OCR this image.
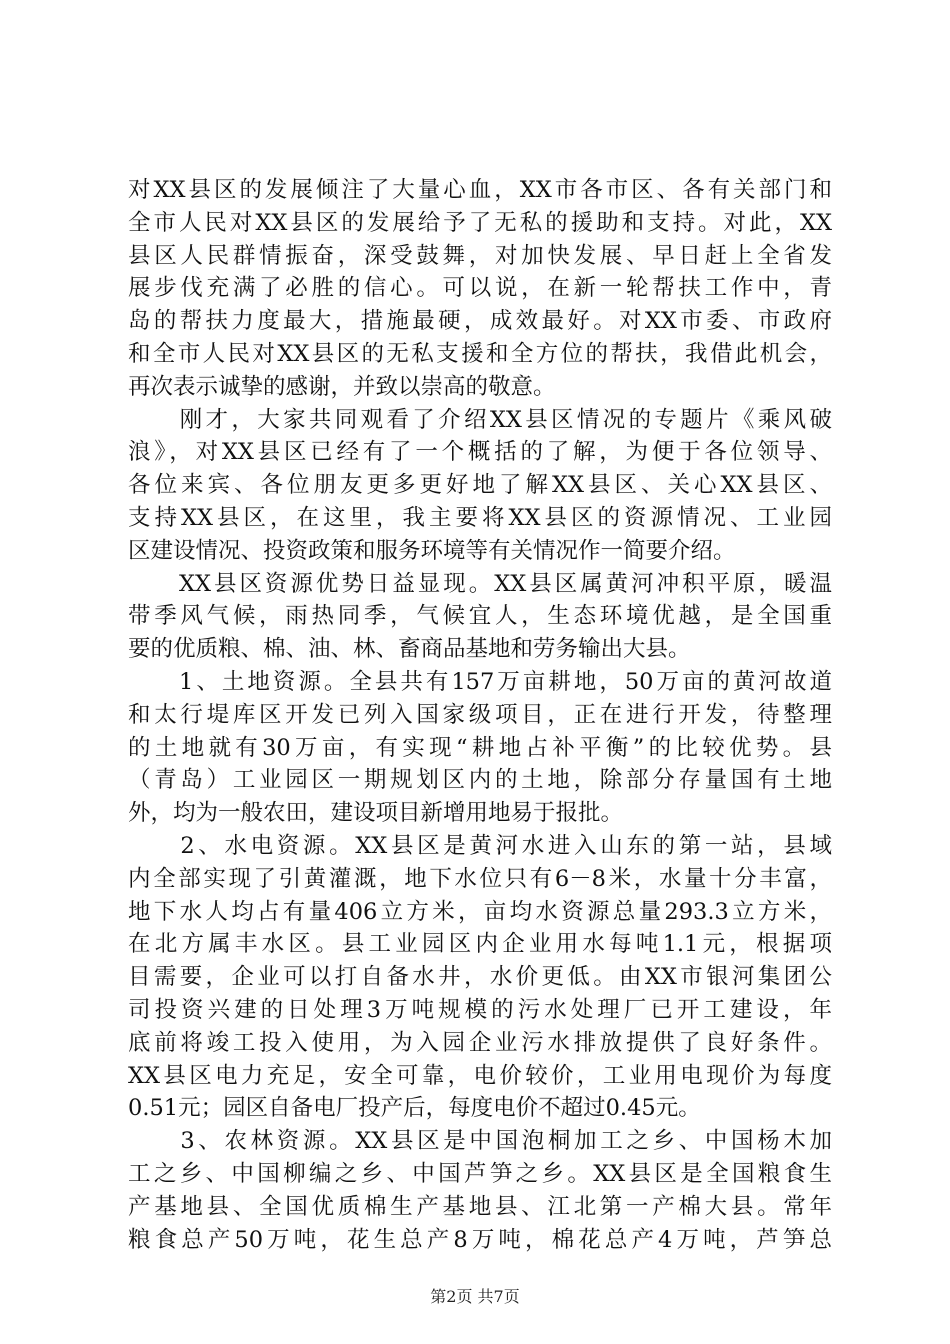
对XX县区的发展倾注了大量心血，XX市各市区、各有关部门和
全市人民对XX县区的发展给予了无私的援助和支持。对此，XX
县区人民群情振奋，深受鼓舞，对加快发展、早日赶上全省发
展步伐充满了必胜的信心。可以说，在新一轮帮扶工作中，青
岛的帮扶力度最大，措施最硬，成效最好。对XX市委、市政府
和全市人民对XX县区的无私支援和全方位的帮扶，我借此机会，
再次表示诚挚的感谢，并致以崇高的敬意。
　　刚才，大家共同观看了介绍XX县区情况的专题片《乘风破
浪》，对XX县区已经有了一个概括的了解，为便于各位领导、
各位来宾、各位朋友更多更好地了解XX县区、关心XX县区、
支持XX县区，在这里，我主要将XX县区的资源情况、工业园
区建设情况、投资政策和服务环境等有关情况作一简要介绍。
　　XX县区资源优势日益显现。XX县区属黄河冲积平原，暖温
带季风气候，雨热同季，气候宜人，生态环境优越，是全国重
要的优质粮、棉、油、林、畜商品基地和劳务输出大县。
　　1、土地资源。全县共有157万亩耕地，50万亩的黄河故道
和太行堤库区开发已列入国家级项目，正在进行开发，待整理
的土地就有30万亩，有实现“耕地占补平衡”的比较优势。县
（青岛）工业园区一期规划区内的土地，除部分存量国有土地
外，均为一般农田，建设项目新增用地易于报批。
　　2、水电资源。XX县区是黄河水进入山东的第一站，县域
内全部实现了引黄灌溉，地下水位只有6－8米，水量十分丰富，
地下水人均占有量406立方米，亩均水资源总量293.3立方米，
在北方属丰水区。县工业园区内企业用水每吨1.1元，根据项
目需要，企业可以打自备水井，水价更低。由XX市银河集团公
司投资兴建的日处理3万吨规模的污水处理厂已开工建设，年
底前将竣工投入使用，为入园企业污水排放提供了良好条件。
XX县区电力充足，安全可靠，电价较价，工业用电现价为每度
0.51元；园区自备电厂投产后，每度电价不超过0.45元。
　　3、农林资源。XX县区是中国泡桐加工之乡、中国杨木加
工之乡、中国柳编之乡、中国芦笋之乡。XX县区是全国粮食生
产基地县、全国优质棉生产基地县、江北第一产棉大县。常年
粮食总产50万吨，花生总产8万吨，棉花总产4万吨，芦笋总
第2页 共7页
